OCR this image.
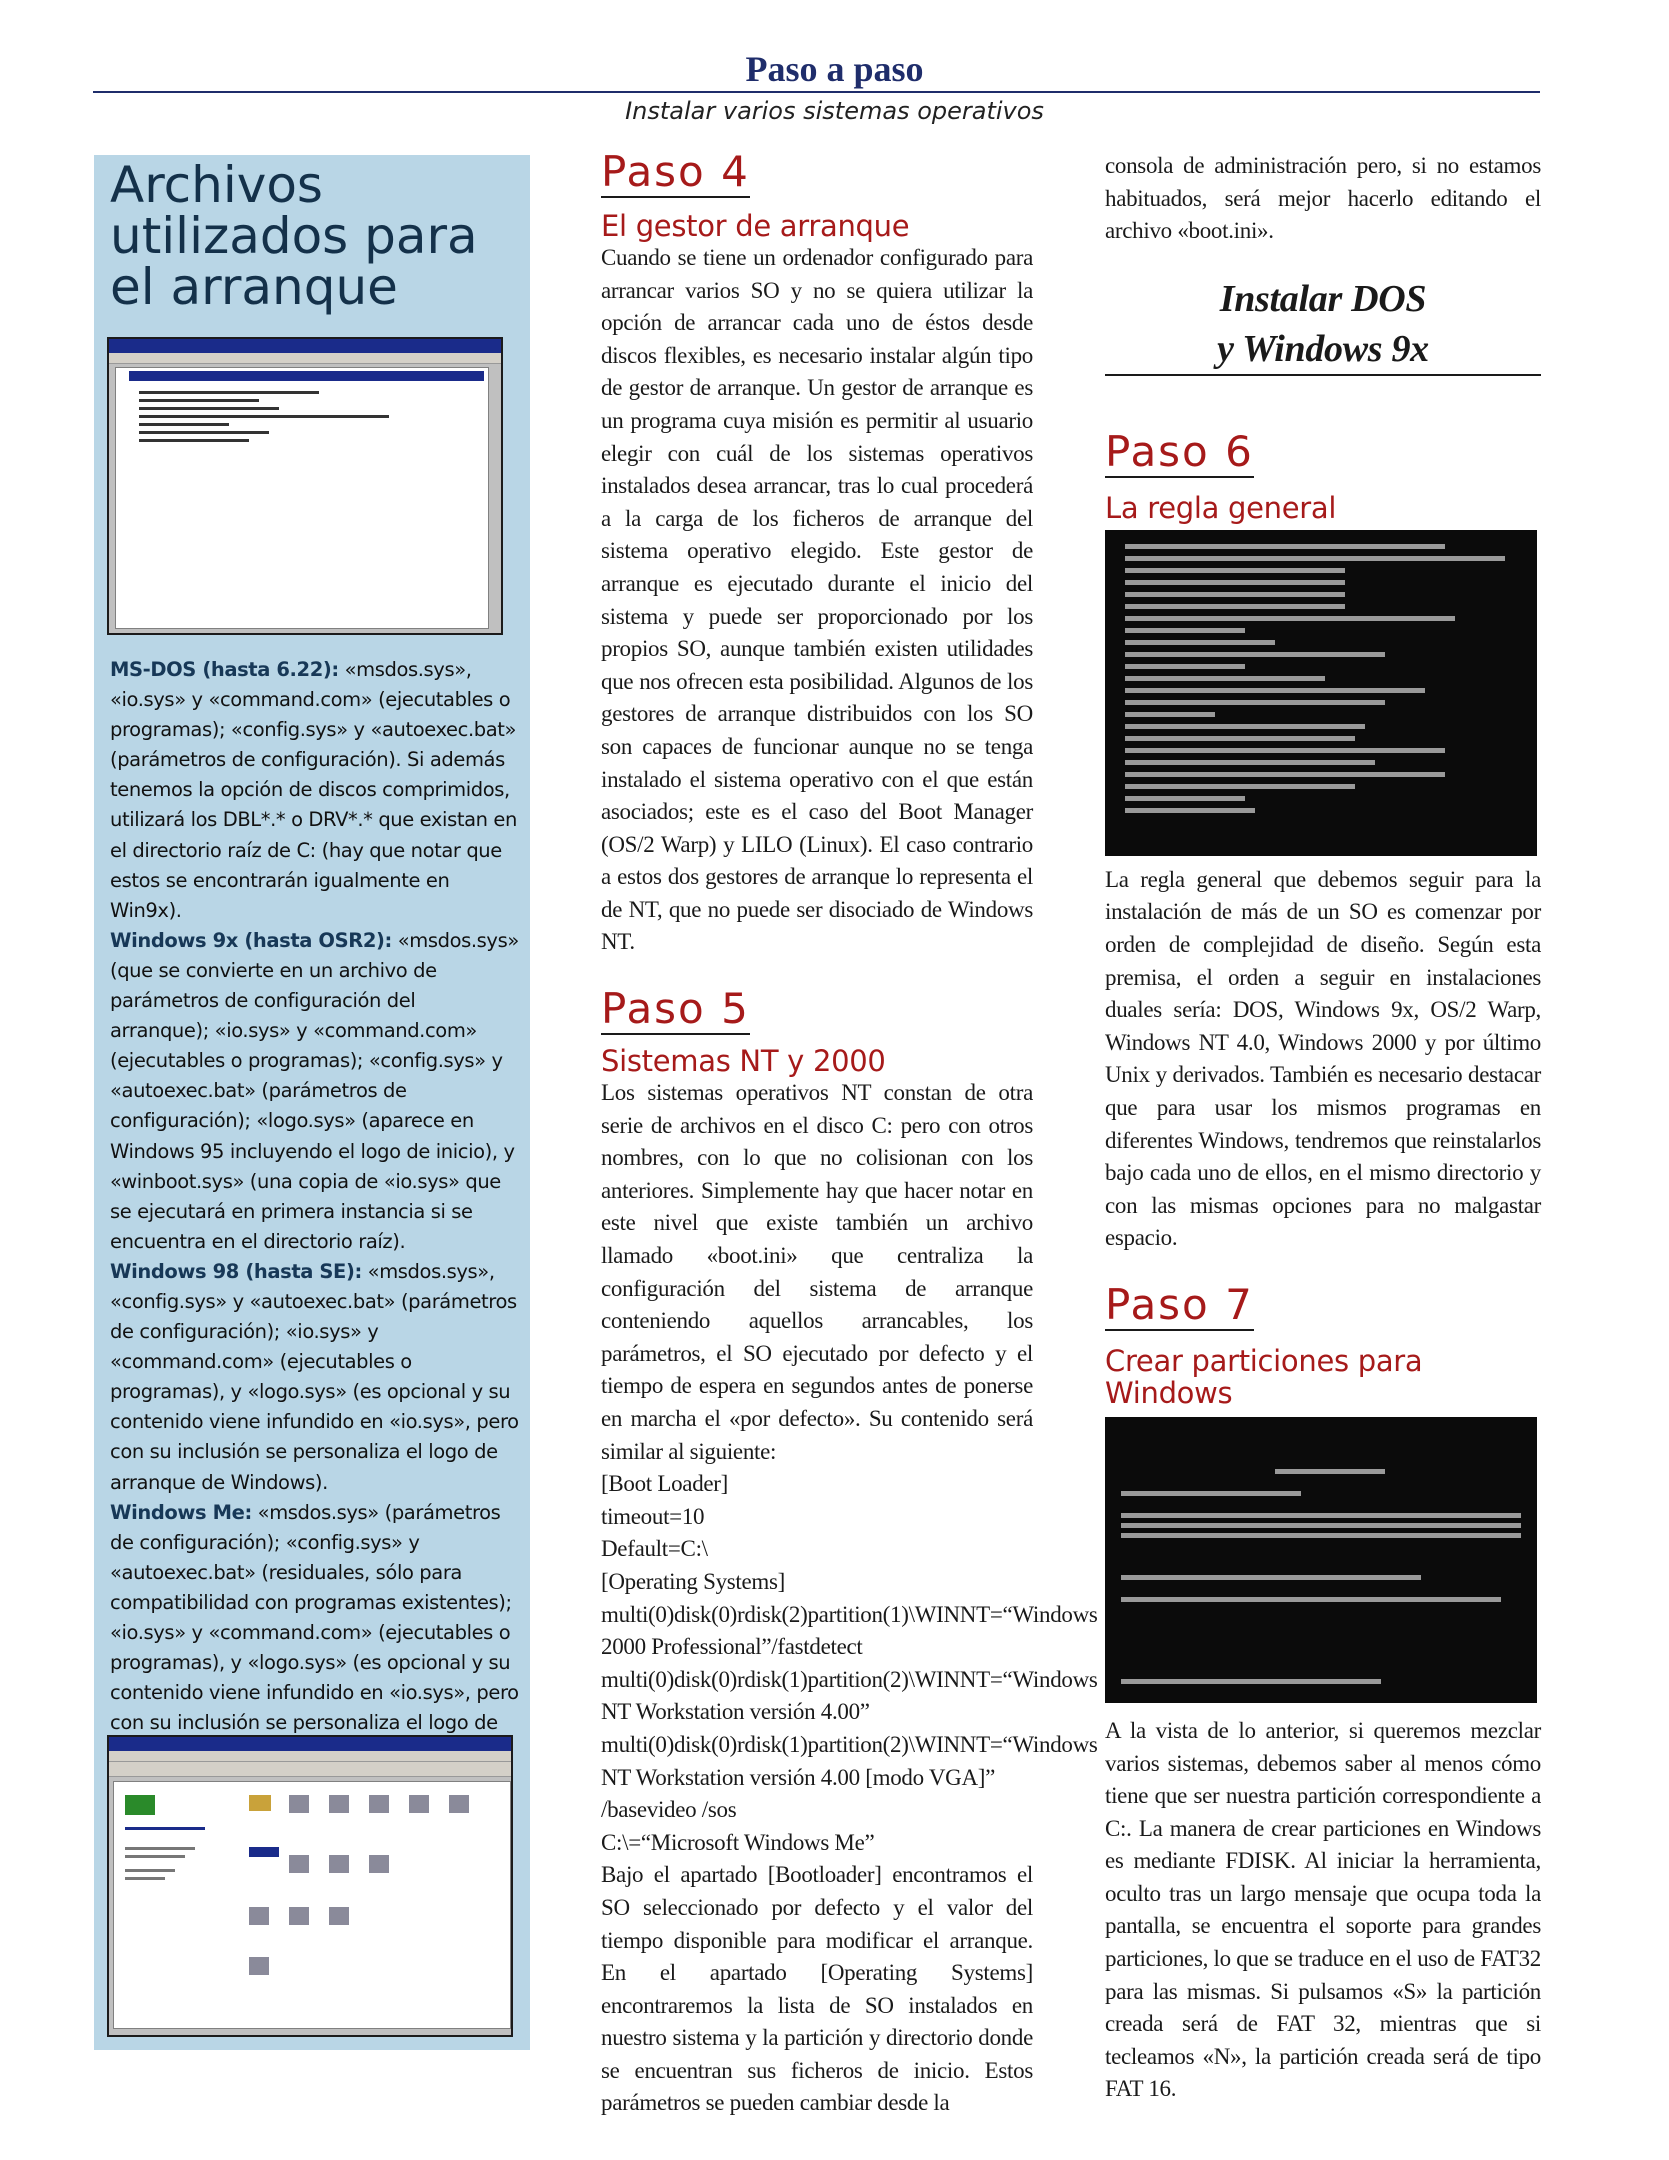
Paso a paso
Instalar varios sistemas operativos
Archivos utilizados para el arranque

MS-DOS (hasta 6.22): «msdos.sys», «io.sys» y «command.com» (ejecutables o programas); «config.sys» y «autoexec.bat» (parámetros de configuración). Si además tenemos la opción de discos comprimidos, utilizará los DBL*.* o DRV*.* que existan en el directorio raíz de C: (hay que notar que estos se encontrarán igualmente en Win9x).

Windows 9x (hasta OSR2): «msdos.sys» (que se convierte en un archivo de parámetros de configuración del arranque); «io.sys» y «command.com» (ejecutables o programas); «config.sys» y «autoexec.bat» (parámetros de configuración); «logo.sys» (aparece en Windows 95 incluyendo el logo de inicio), y «winboot.sys» (una copia de «io.sys» que se ejecutará en primera instancia si se encuentra en el directorio raíz).

Windows 98 (hasta SE): «msdos.sys», «config.sys» y «autoexec.bat» (parámetros de configuración); «io.sys» y «command.com» (ejecutables o programas), y «logo.sys» (es opcional y su contenido viene infundido en «io.sys», pero con su inclusión se personaliza el logo de arranque de Windows).

Windows Me: «msdos.sys» (parámetros de configuración); «config.sys» y «autoexec.bat» (residuales, sólo para compatibilidad con programas existentes); «io.sys» y «command.com» (ejecutables o programas), y «logo.sys» (es opcional y su contenido viene infundido en «io.sys», pero con su inclusión se personaliza el logo de

Paso 4
El gestor de arranque

Cuando se tiene un ordenador configurado para arrancar varios SO y no se quiera utilizar la opción de arrancar cada uno de éstos desde discos flexibles, es necesario instalar algún tipo de gestor de arranque. Un gestor de arranque es un programa cuya misión es permitir al usuario elegir con cuál de los sistemas operativos instalados desea arrancar, tras lo cual procederá a la carga de los ficheros de arranque del sistema operativo elegido. Este gestor de arranque es ejecutado durante el inicio del sistema y puede ser proporcionado por los propios SO, aunque también existen utilidades que nos ofrecen esta posibilidad. Algunos de los gestores de arranque distribuidos con los SO son capaces de funcionar aunque no se tenga instalado el sistema operativo con el que están asociados; este es el caso del Boot Manager (OS/2 Warp) y LILO (Linux). El caso contrario a estos dos gestores de arranque lo representa el de NT, que no puede ser disociado de Windows NT.

Paso 5
Sistemas NT y 2000

Los sistemas operativos NT constan de otra serie de archivos en el disco C: pero con otros nombres, con lo que no colisionan con los anteriores. Simplemente hay que hacer notar en este nivel que existe también un archivo llamado «boot.ini» que centraliza la configuración del sistema de arranque conteniendo aquellos arrancables, los parámetros, el SO ejecutado por defecto y el tiempo de espera en segundos antes de ponerse en marcha el «por defecto». Su contenido será similar al siguiente:

[Boot Loader]

timeout=10

Default=C:\

[Operating Systems]

multi(0)disk(0)rdisk(2)partition(1)\WINNT=“Windows 2000 Professional”/fastdetect

multi(0)disk(0)rdisk(1)partition(2)\WINNT=“Windows NT Workstation versión 4.00”

multi(0)disk(0)rdisk(1)partition(2)\WINNT=“Windows NT Workstation versión 4.00 [modo VGA]” /basevideo /sos

C:\=“Microsoft Windows Me”

Bajo el apartado [Bootloader] encontramos el SO seleccionado por defecto y el valor del tiempo disponible para modificar el arranque. En el apartado [Operating Systems] encontraremos la lista de SO instalados en nuestro sistema y la partición y directorio donde se encuentran sus ficheros de inicio. Estos parámetros se pueden cambiar desde la

consola de administración pero, si no estamos habituados, será mejor hacerlo editando el archivo «boot.ini».

Instalar DOS
y Windows 9x
Paso 6
La regla general

La regla general que debemos seguir para la instalación de más de un SO es comenzar por orden de complejidad de diseño. Según esta premisa, el orden a seguir en instalaciones duales sería: DOS, Windows 9x, OS/2 Warp, Windows NT 4.0, Windows 2000 y por último Unix y derivados. También es necesario destacar que para usar los mismos programas en diferentes Windows, tendremos que reinstalarlos bajo cada uno de ellos, en el mismo directorio y con las mismas opciones para no malgastar espacio.

Paso 7
Crear particiones para Windows

A la vista de lo anterior, si queremos mezclar varios sistemas, debemos saber al menos cómo tiene que ser nuestra partición correspondiente a C:. La manera de crear particiones en Windows es mediante FDISK. Al iniciar la herramienta, oculto tras un largo mensaje que ocupa toda la pantalla, se encuentra el soporte para grandes particiones, lo que se traduce en el uso de FAT32 para las mismas. Si pulsamos «S» la partición creada será de FAT 32, mientras que si tecleamos «N», la partición creada será de tipo FAT 16.
